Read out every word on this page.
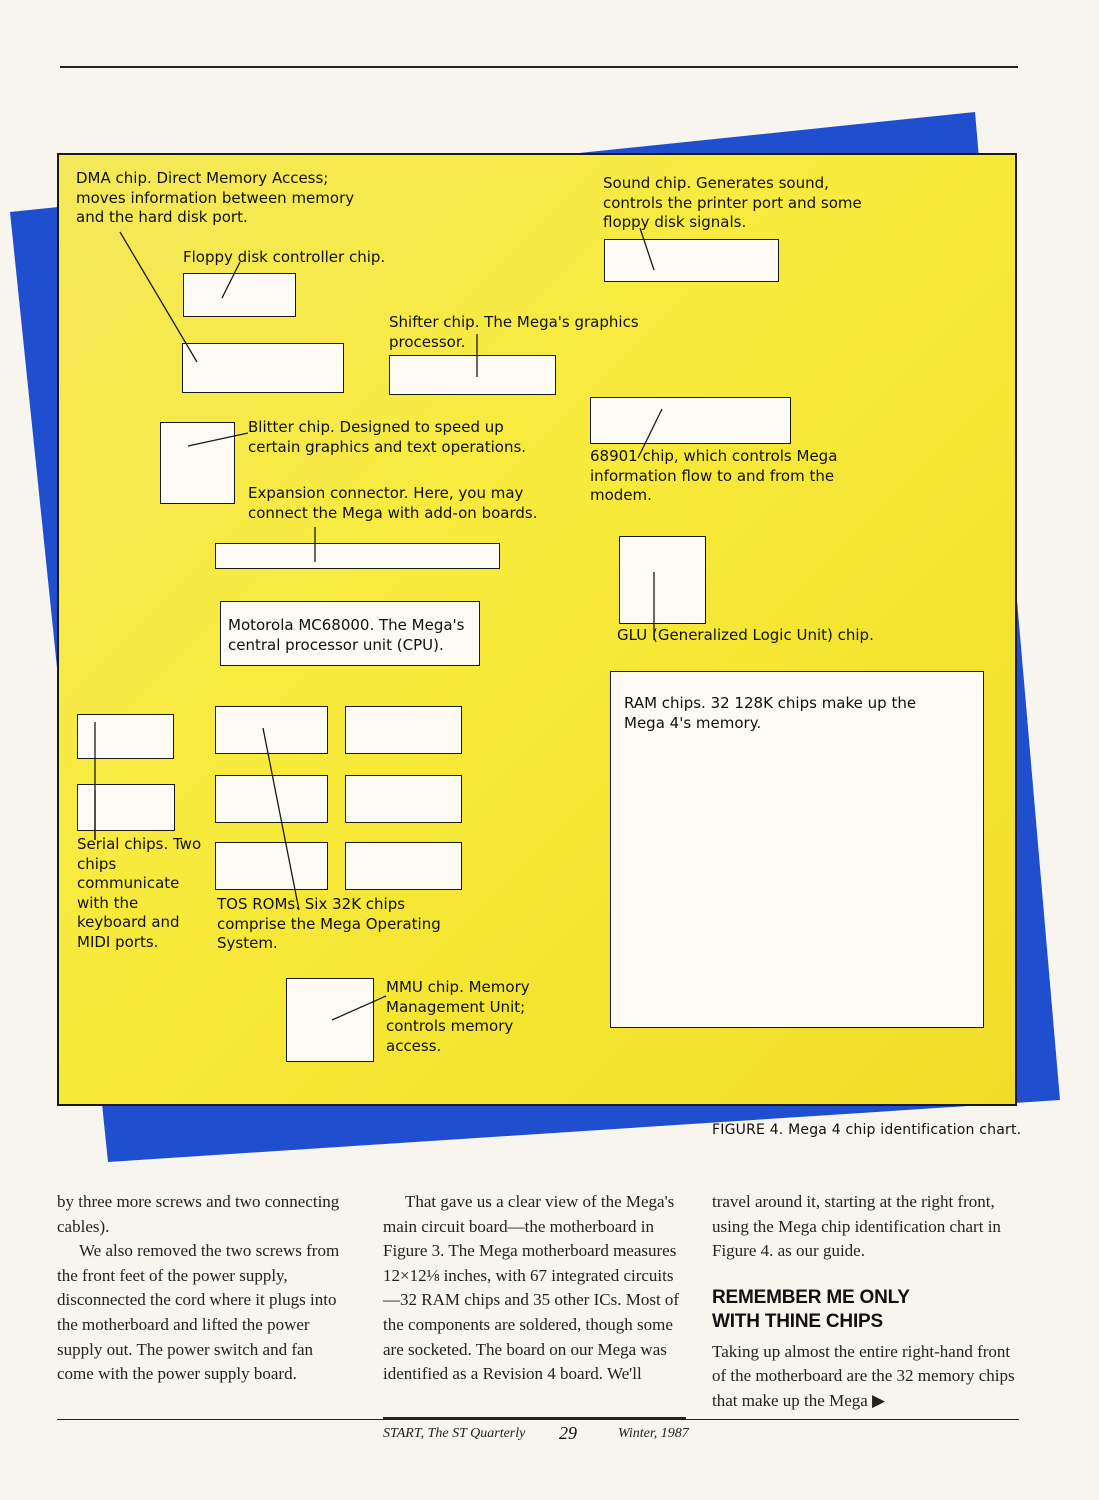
DMA chip. Direct Memory Access; moves information between memory and the hard disk port.
Sound chip. Generates sound, controls the printer port and some floppy disk signals.
Floppy disk controller chip.
Shifter chip. The Mega's graphics processor.
Blitter chip. Designed to speed up certain graphics and text operations.
68901 chip, which controls Mega information flow to and from the modem.
Expansion connector. Here, you may connect the Mega with add-on boards.
GLU (Generalized Logic Unit) chip.
Motorola MC68000. The Mega's central processor unit (CPU).
RAM chips. 32 128K chips make up the Mega 4's memory.
Serial chips. Two chips communicate with the keyboard and MIDI ports.
TOS ROMs. Six 32K chips comprise the Mega Operating System.
MMU chip. Memory Management Unit; controls memory access.
FIGURE 4. Mega 4 chip identification chart.

by three more screws and two connecting cables).

We also removed the two screws from the front feet of the power supply, disconnected the cord where it plugs into the motherboard and lifted the power supply out. The power switch and fan come with the power supply board.

That gave us a clear view of the Mega's main circuit board—the motherboard in Figure 3. The Mega motherboard measures 12×12⅛ inches, with 67 integrated circuits—32 RAM chips and 35 other ICs. Most of the components are soldered, though some are socketed. The board on our Mega was identified as a Revision 4 board. We'll

travel around it, starting at the right front, using the Mega chip identification chart in Figure 4. as our guide.

REMEMBER ME ONLY
WITH THINE CHIPS

Taking up almost the entire right-hand front of the motherboard are the 32 memory chips that make up the Mega ▶

START, The ST Quarterly 29	Winter, 1987
